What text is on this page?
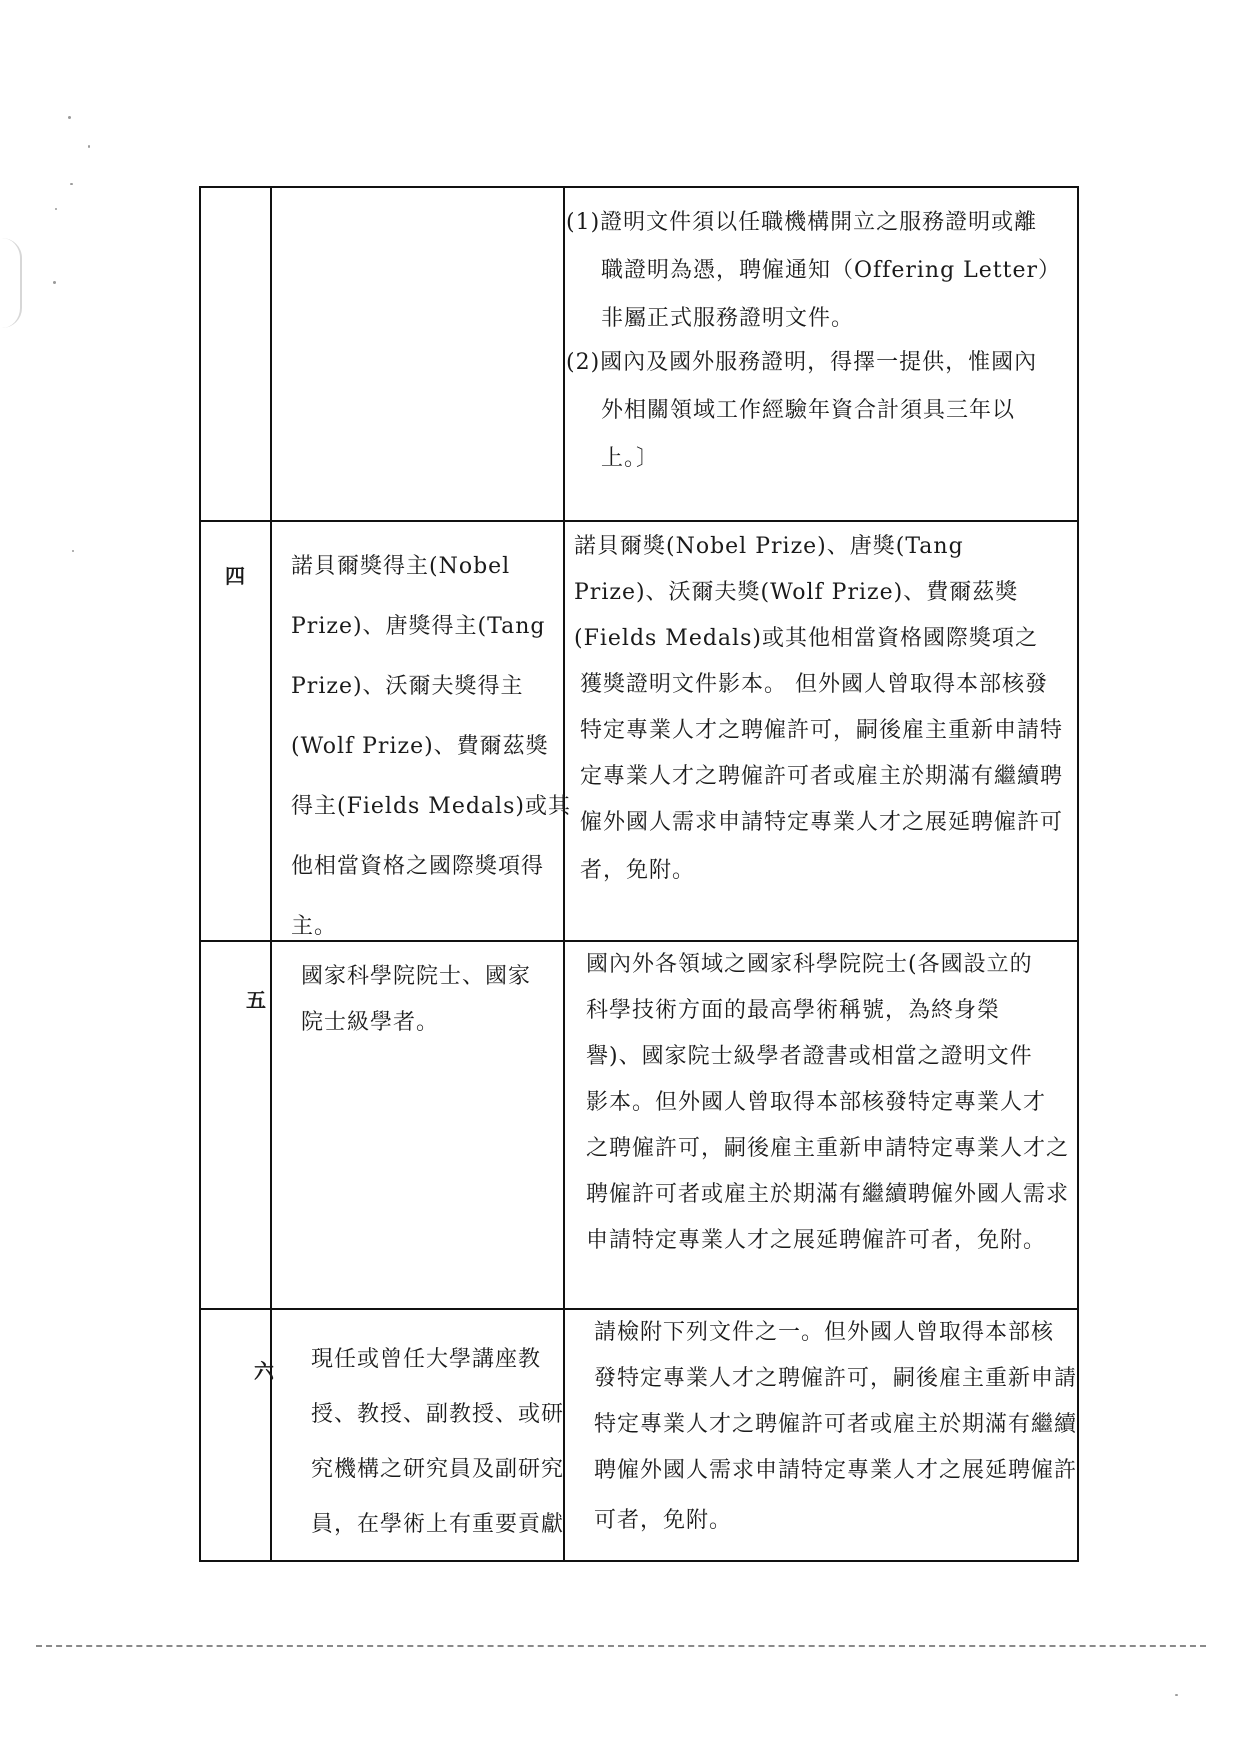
(1)證明文件須以任職機構開立之服務證明或離
職證明為憑，聘僱通知（Offering Letter）
非屬正式服務證明文件。
(2)國內及國外服務證明，得擇一提供，惟國內
外相關領域工作經驗年資合計須具三年以
上。〕
四 諾貝爾獎得主(Nobel
Prize)、唐獎得主(Tang
Prize)、沃爾夫獎得主
(Wolf Prize)、費爾茲獎
得主(Fields Medals)或其
他相當資格之國際獎項得
主。
諾貝爾獎(Nobel Prize)、唐獎(Tang
Prize)、沃爾夫獎(Wolf Prize)、費爾茲獎
(Fields Medals)或其他相當資格國際獎項之
獲獎證明文件影本。 但外國人曾取得本部核發
特定專業人才之聘僱許可，嗣後雇主重新申請特
定專業人才之聘僱許可者或雇主於期滿有繼續聘
僱外國人需求申請特定專業人才之展延聘僱許可
者，免附。
五
國家科學院院士、國家
院士級學者。
國內外各領域之國家科學院院士(各國設立的
科學技術方面的最高學術稱號，為終身榮
譽)、國家院士級學者證書或相當之證明文件
影本。但外國人曾取得本部核發特定專業人才
之聘僱許可，嗣後雇主重新申請特定專業人才之
聘僱許可者或雇主於期滿有繼續聘僱外國人需求
申請特定專業人才之展延聘僱許可者，免附。
六 現任或曾任大學講座教
授、教授、副教授、或研
究機構之研究員及副研究
員，在學術上有重要貢獻
請檢附下列文件之一。但外國人曾取得本部核
發特定專業人才之聘僱許可，嗣後雇主重新申請
特定專業人才之聘僱許可者或雇主於期滿有繼續
聘僱外國人需求申請特定專業人才之展延聘僱許
可者，免附。
